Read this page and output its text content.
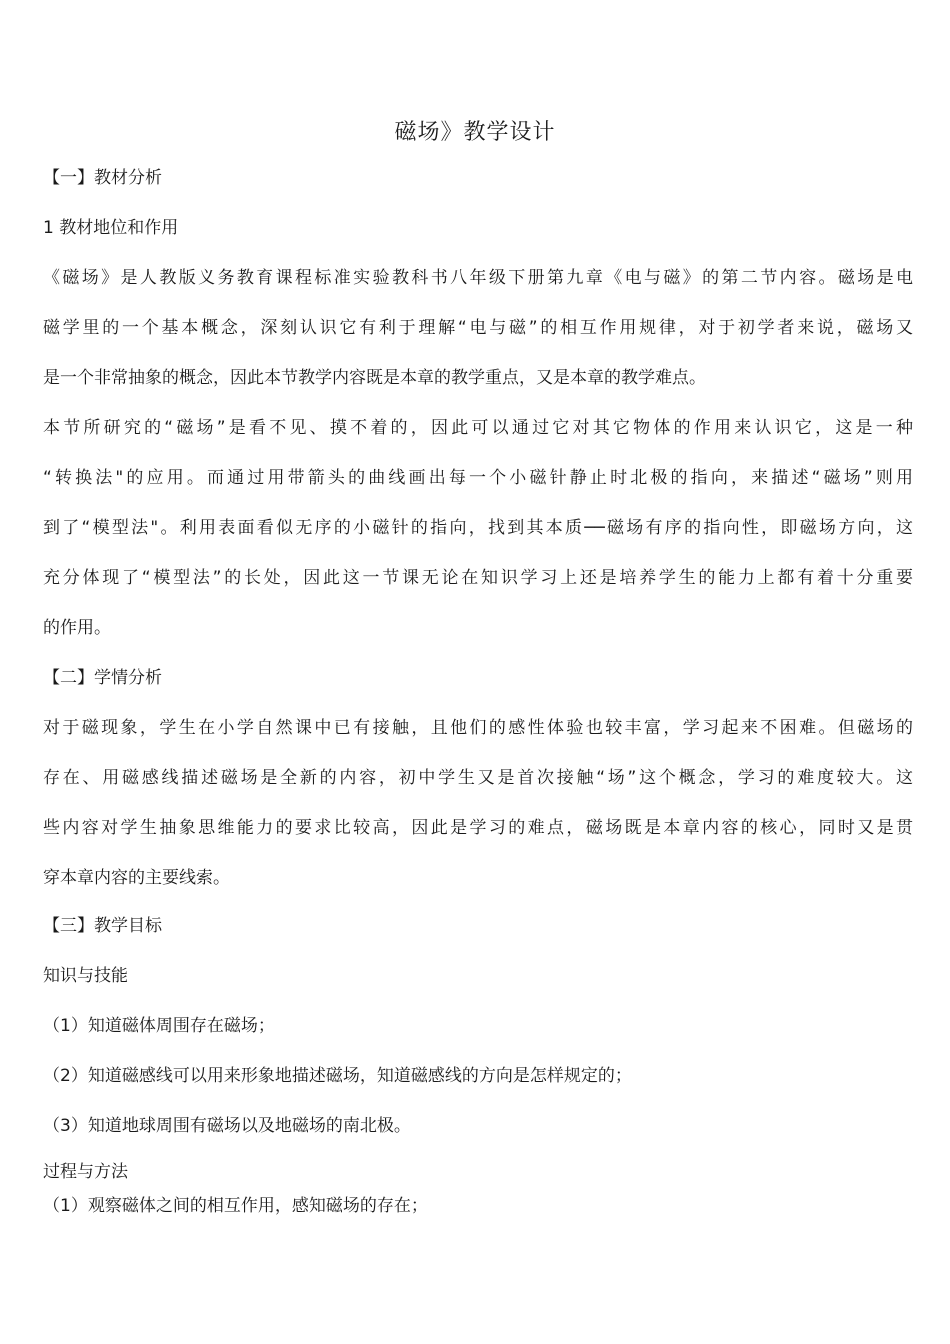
磁场》教学设计
【一】教材分析
1 教材地位和作用
《磁场》是人教版义务教育课程标准实验教科书八年级下册第九章《电与磁》的第二节内容。磁场是电
磁学里的一个基本概念，深刻认识它有利于理解“电与磁”的相互作用规律，对于初学者来说，磁场又
是一个非常抽象的概念，因此本节教学内容既是本章的教学重点，又是本章的教学难点。
本节所研究的“磁场”是看不见、摸不着的，因此可以通过它对其它物体的作用来认识它，这是一种
“转换法"的应用。而通过用带箭头的曲线画出每一个小磁针静止时北极的指向，来描述“磁场”则用
到了“模型法"。利用表面看似无序的小磁针的指向，找到其本质──磁场有序的指向性，即磁场方向，这
充分体现了“模型法”的长处，因此这一节课无论在知识学习上还是培养学生的能力上都有着十分重要
的作用。
【二】学情分析
对于磁现象，学生在小学自然课中已有接触，且他们的感性体验也较丰富，学习起来不困难。但磁场的
存在、用磁感线描述磁场是全新的内容，初中学生又是首次接触“场”这个概念，学习的难度较大。这
些内容对学生抽象思维能力的要求比较高，因此是学习的难点，磁场既是本章内容的核心，同时又是贯
穿本章内容的主要线索。
【三】教学目标
知识与技能
（1）知道磁体周围存在磁场；
（2）知道磁感线可以用来形象地描述磁场，知道磁感线的方向是怎样规定的；
（3）知道地球周围有磁场以及地磁场的南北极。
过程与方法
（1）观察磁体之间的相互作用，感知磁场的存在；
